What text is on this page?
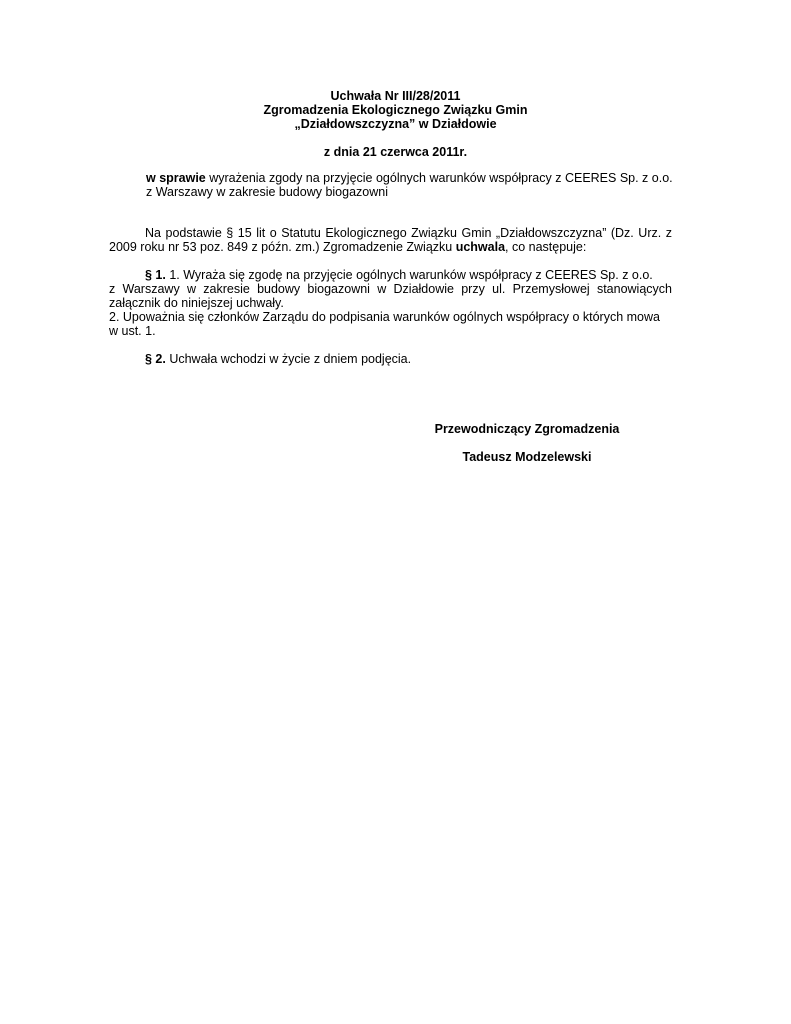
Uchwała Nr III/28/2011
Zgromadzenia Ekologicznego Związku Gmin
„Działdowszczyzna” w Działdowie
z dnia 21 czerwca 2011r.
w sprawie wyrażenia zgody na przyjęcie ogólnych warunków współpracy z CEERES Sp. z o.o.
z Warszawy w zakresie budowy biogazowni
Na podstawie § 15 lit o Statutu Ekologicznego Związku Gmin „Działdowszczyzna” (Dz. Urz. z
2009 roku nr 53 poz. 849 z późn. zm.) Zgromadzenie Związku uchwala, co następuje:
§ 1. 1. Wyraża się zgodę na przyjęcie ogólnych warunków współpracy z CEERES Sp. z o.o.
z Warszawy w zakresie budowy biogazowni w Działdowie przy ul. Przemysłowej stanowiących
załącznik do niniejszej uchwały.
2. Upoważnia się członków Zarządu do podpisania warunków ogólnych współpracy o których mowa
w ust. 1.
§ 2. Uchwała wchodzi w życie z dniem podjęcia.
Przewodniczący Zgromadzenia
Tadeusz Modzelewski
